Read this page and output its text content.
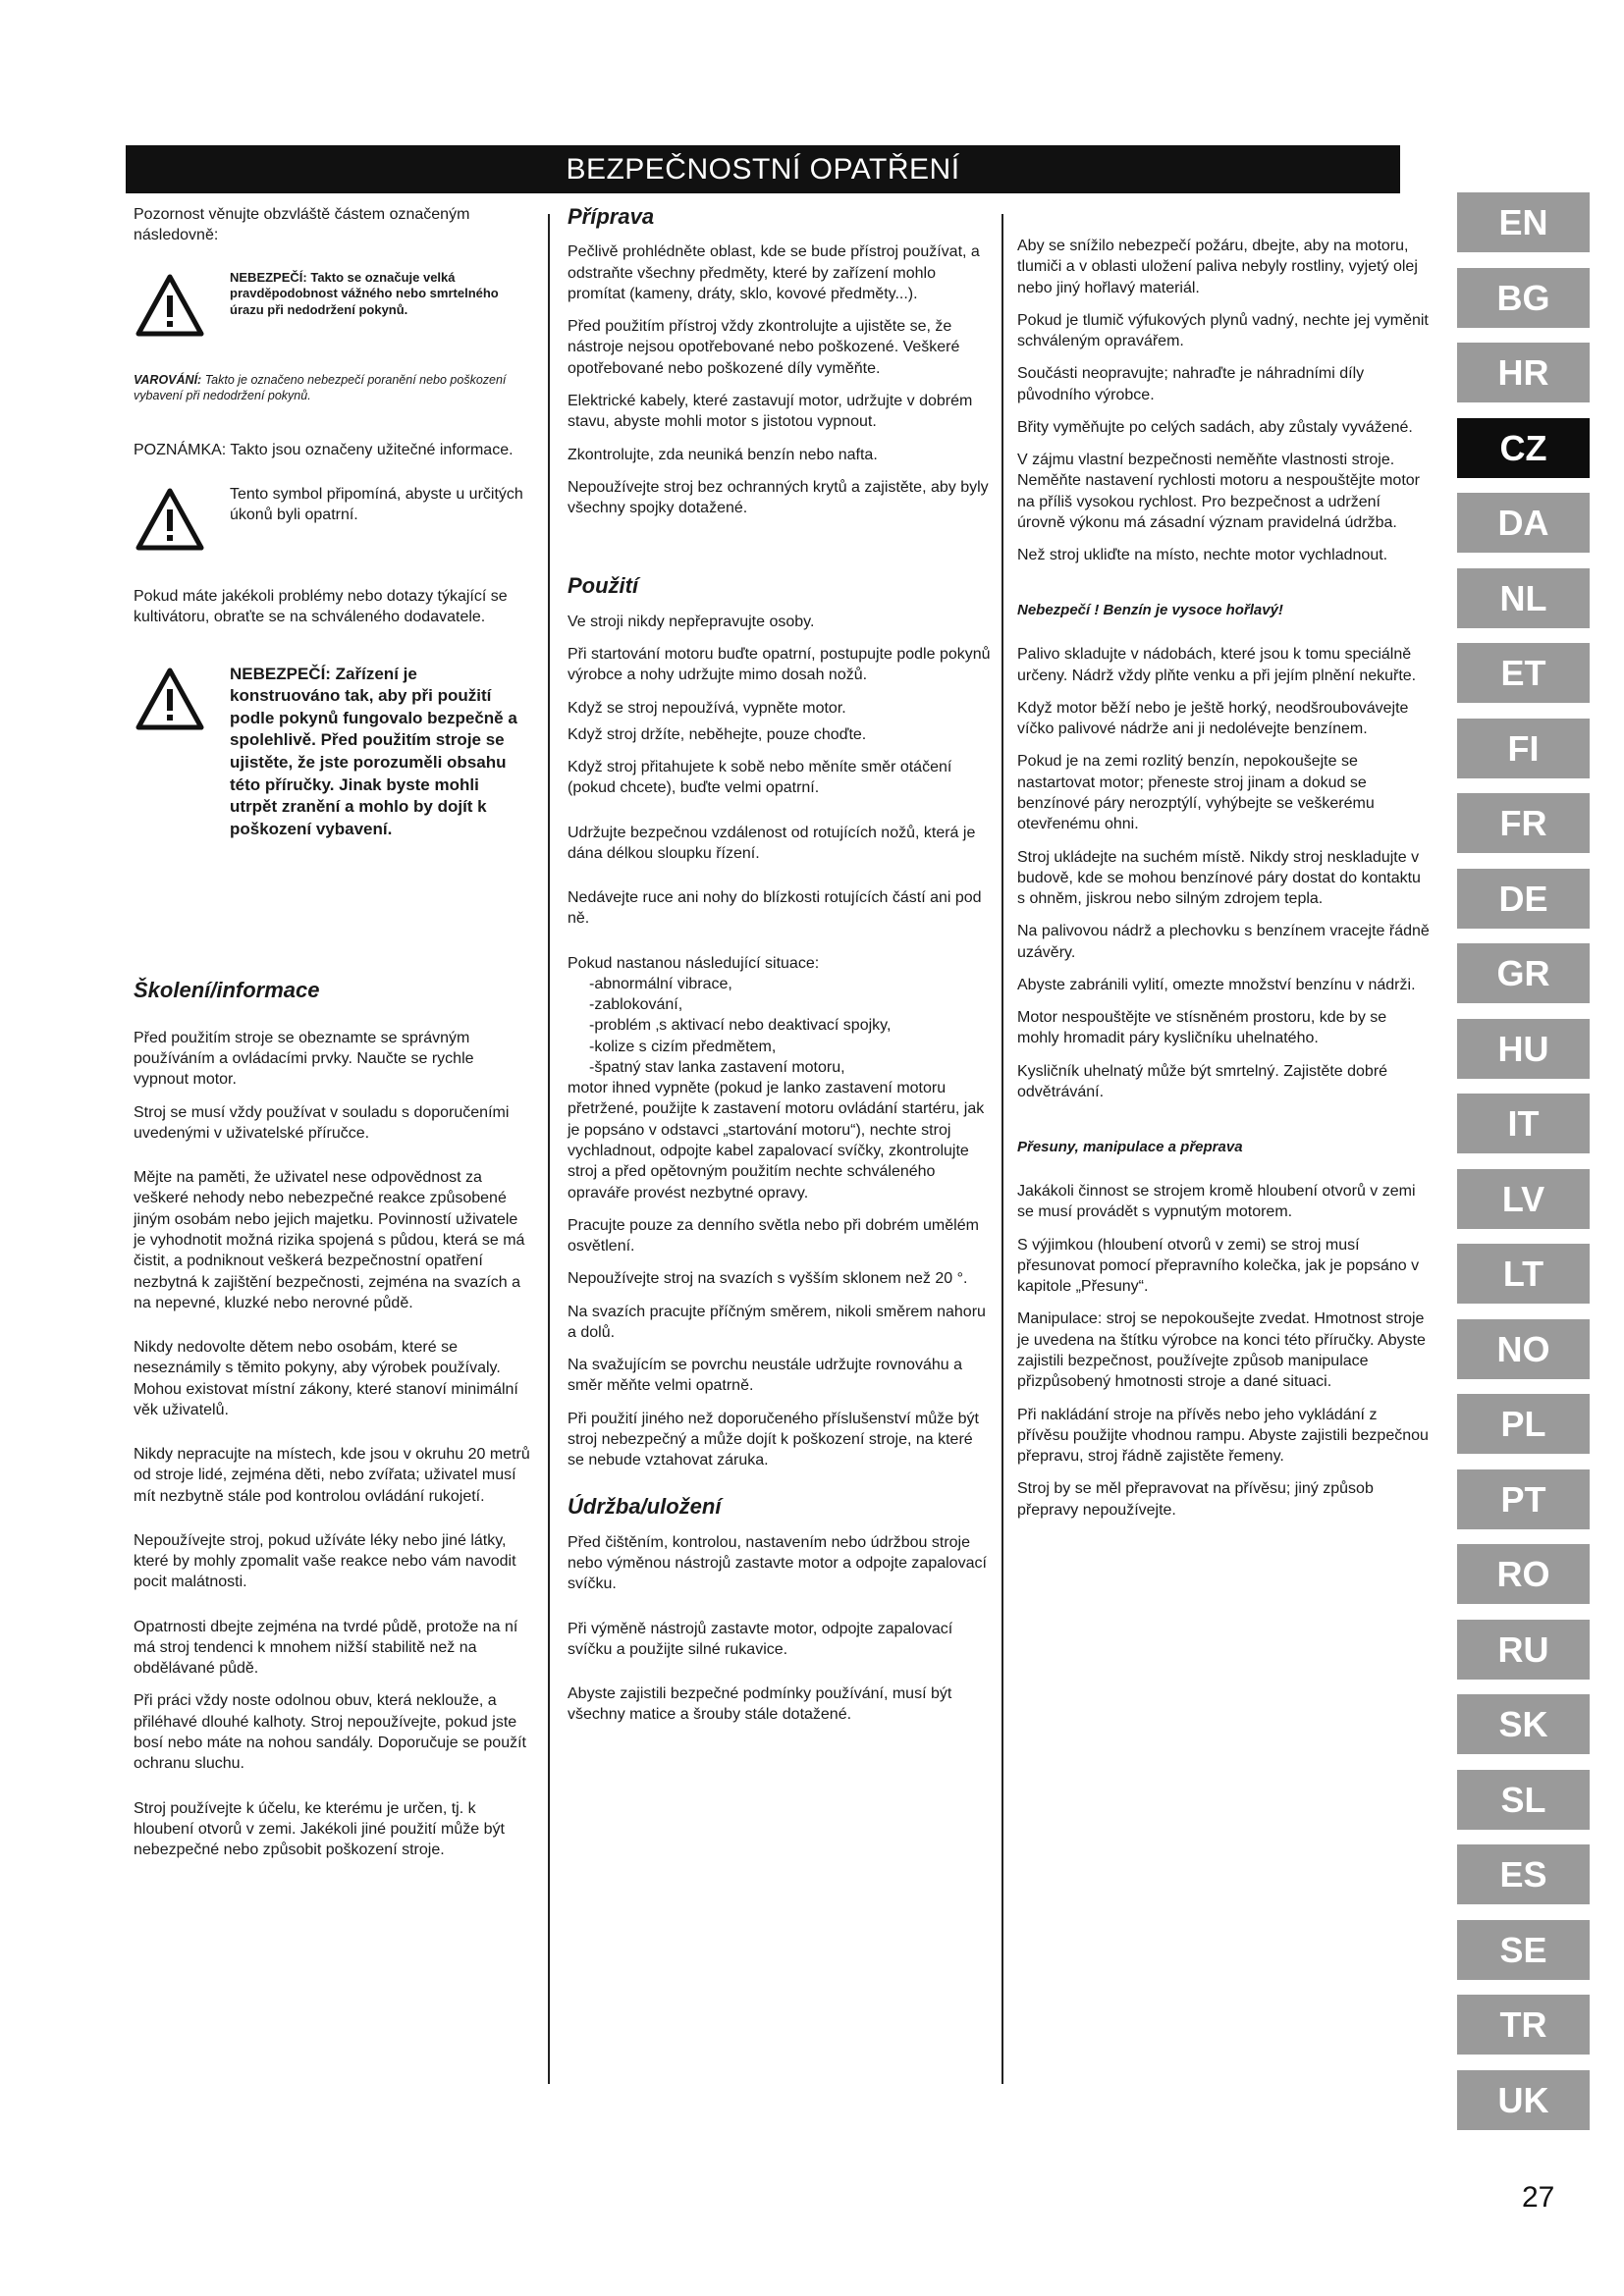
BEZPEČNOSTNÍ OPATŘENÍ

Pozornost věnujte obzvláště částem označeným následovně:

NEBEZPEČÍ: Takto se označuje velká pravděpodobnost vážného nebo smrtelného úrazu při nedodržení pokynů.

VAROVÁNÍ: Takto je označeno nebezpečí poranění nebo poškození vybavení při nedodržení pokynů.

POZNÁMKA: Takto jsou označeny užitečné informace.

Tento symbol připomíná, abyste u určitých úkonů byli opatrní.

Pokud máte jakékoli problémy nebo dotazy týkající se kultivátoru, obraťte se na schváleného dodavatele.

NEBEZPEČÍ: Zařízení je konstruováno tak, aby při použití podle pokynů fungovalo bezpečně a spolehlivě. Před použitím stroje se ujistěte, že jste porozuměli obsahu této příručky. Jinak byste mohli utrpět zranění a mohlo by dojít k poškození vybavení.

Školení/informace

Před použitím stroje se obeznamte se správným používáním a ovládacími prvky. Naučte se rychle vypnout motor.

Stroj se musí vždy používat v souladu s doporučeními uvedenými v uživatelské příručce.

Mějte na paměti, že uživatel nese odpovědnost za veškeré nehody nebo nebezpečné reakce způsobené jiným osobám nebo jejich majetku. Povinností uživatele je vyhodnotit možná rizika spojená s půdou, která se má čistit, a podniknout veškerá bezpečnostní opatření nezbytná k zajištění bezpečnosti, zejména na svazích a na nepevné, kluzké nebo nerovné půdě.

Nikdy nedovolte dětem nebo osobám, které se neseznámily s těmito pokyny, aby výrobek používaly. Mohou existovat místní zákony, které stanoví minimální věk uživatelů.

Nikdy nepracujte na místech, kde jsou v okruhu 20 metrů od stroje lidé, zejména děti, nebo zvířata; uživatel musí mít nezbytně stále pod kontrolou ovládání rukojetí.

Nepoužívejte stroj, pokud užíváte léky nebo jiné látky, které by mohly zpomalit vaše reakce nebo vám navodit pocit malátnosti.

Opatrnosti dbejte zejména na tvrdé půdě, protože na ní má stroj tendenci k mnohem nižší stabilitě než na obdělávané půdě.

Při práci vždy noste odolnou obuv, která neklouže, a přiléhavé dlouhé kalhoty. Stroj nepoužívejte, pokud jste bosí nebo máte na nohou sandály. Doporučuje se použít ochranu sluchu.

Stroj používejte k účelu, ke kterému je určen, tj. k hloubení otvorů v zemi. Jakékoli jiné použití může být nebezpečné nebo způsobit poškození stroje.

Příprava

Pečlivě prohlédněte oblast, kde se bude přístroj používat, a odstraňte všechny předměty, které by zařízení mohlo promítat (kameny, dráty, sklo, kovové předměty...).

Před použitím přístroj vždy zkontrolujte a ujistěte se, že nástroje nejsou opotřebované nebo poškozené. Veškeré opotřebované nebo poškozené díly vyměňte.

Elektrické kabely, které zastavují motor, udržujte v dobrém stavu, abyste mohli motor s jistotou vypnout.

Zkontrolujte, zda neuniká benzín nebo nafta.

Nepoužívejte stroj bez ochranných krytů a zajistěte, aby byly všechny spojky dotažené.

Použití

Ve stroji nikdy nepřepravujte osoby.

Při startování motoru buďte opatrní, postupujte podle pokynů výrobce a nohy udržujte mimo dosah nožů.

Když se stroj nepoužívá, vypněte motor.

Když stroj držíte, neběhejte, pouze choďte.

Když stroj přitahujete k sobě nebo měníte směr otáčení (pokud chcete), buďte velmi opatrní.

Udržujte bezpečnou vzdálenost od rotujících nožů, která je dána délkou sloupku řízení.

Nedávejte ruce ani nohy do blízkosti rotujících částí ani pod ně.

Pokud nastanou následující situace:

-abnormální vibrace,

-zablokování,

-problém ‚s aktivací nebo deaktivací spojky,

-kolize s cizím předmětem,

-špatný stav lanka zastavení motoru,

motor ihned vypněte (pokud je lanko zastavení motoru přetržené, použijte k zastavení motoru ovládání startéru, jak je popsáno v odstavci „startování motoru“), nechte stroj vychladnout, odpojte kabel zapalovací svíčky, zkontrolujte stroj a před opětovným použitím nechte schváleného opraváře provést nezbytné opravy.

Pracujte pouze za denního světla nebo při dobrém umělém osvětlení.

Nepoužívejte stroj na svazích s vyšším sklonem než 20 °.

Na svazích pracujte příčným směrem, nikoli směrem nahoru a dolů.

Na svažujícím se povrchu neustále udržujte rovnováhu a směr měňte velmi opatrně.

Při použití jiného než doporučeného příslušenství může být stroj nebezpečný a může dojít k poškození stroje, na které se nebude vztahovat záruka.

Údržba/uložení

Před čištěním, kontrolou, nastavením nebo údržbou stroje nebo výměnou nástrojů zastavte motor a odpojte zapalovací svíčku.

Při výměně nástrojů zastavte motor, odpojte zapalovací svíčku a použijte silné rukavice.

Abyste zajistili bezpečné podmínky používání, musí být všechny matice a šrouby stále dotažené.

Aby se snížilo nebezpečí požáru, dbejte, aby na motoru, tlumiči a v oblasti uložení paliva nebyly rostliny, vyjetý olej nebo jiný hořlavý materiál.

Pokud je tlumič výfukových plynů vadný, nechte jej vyměnit schváleným opravářem.

Součásti neopravujte; nahraďte je náhradními díly původního výrobce.

Břity vyměňujte po celých sadách, aby zůstaly vyvážené.

V zájmu vlastní bezpečnosti neměňte vlastnosti stroje. Neměňte nastavení rychlosti motoru a nespouštějte motor na příliš vysokou rychlost. Pro bezpečnost a udržení úrovně výkonu má zásadní význam pravidelná údržba.

Než stroj ukliďte na místo, nechte motor vychladnout.

Nebezpečí ! Benzín je vysoce hořlavý!

Palivo skladujte v nádobách, které jsou k tomu speciálně určeny. Nádrž vždy plňte venku a při jejím plnění nekuřte.

Když motor běží nebo je ještě horký, neodšroubovávejte víčko palivové nádrže ani ji nedolévejte benzínem.

Pokud je na zemi rozlitý benzín, nepokoušejte se nastartovat motor; přeneste stroj jinam a dokud se benzínové páry nerozptýlí, vyhýbejte se veškerému otevřenému ohni.

Stroj ukládejte na suchém místě. Nikdy stroj neskladujte v budově, kde se mohou benzínové páry dostat do kontaktu s ohněm, jiskrou nebo silným zdrojem tepla.

Na palivovou nádrž a plechovku s benzínem vracejte řádně uzávěry.

Abyste zabránili vylití, omezte množství benzínu v nádrži.

Motor nespouštějte ve stísněném prostoru, kde by se mohly hromadit páry kysličníku uhelnatého.

Kysličník uhelnatý může být smrtelný. Zajistěte dobré odvětrávání.

Přesuny, manipulace a přeprava

Jakákoli činnost se strojem kromě hloubení otvorů v zemi se musí provádět s vypnutým motorem.

S výjimkou (hloubení otvorů v zemi) se stroj musí přesunovat pomocí přepravního kolečka, jak je popsáno v kapitole „Přesuny“.

Manipulace: stroj se nepokoušejte zvedat. Hmotnost stroje je uvedena na štítku výrobce na konci této příručky. Abyste zajistili bezpečnost, používejte způsob manipulace přizpůsobený hmotnosti stroje a dané situaci.

Při nakládání stroje na přívěs nebo jeho vykládání z přívěsu použijte vhodnou rampu. Abyste zajistili bezpečnou přepravu, stroj řádně zajistěte řemeny.

Stroj by se měl přepravovat na přívěsu; jiný způsob přepravy nepoužívejte.

EN
BG
HR
CZ
DA
NL
ET
FI
FR
DE
GR
HU
IT
LV
LT
NO
PL
PT
RO
RU
SK
SL
ES
SE
TR
UK
27
